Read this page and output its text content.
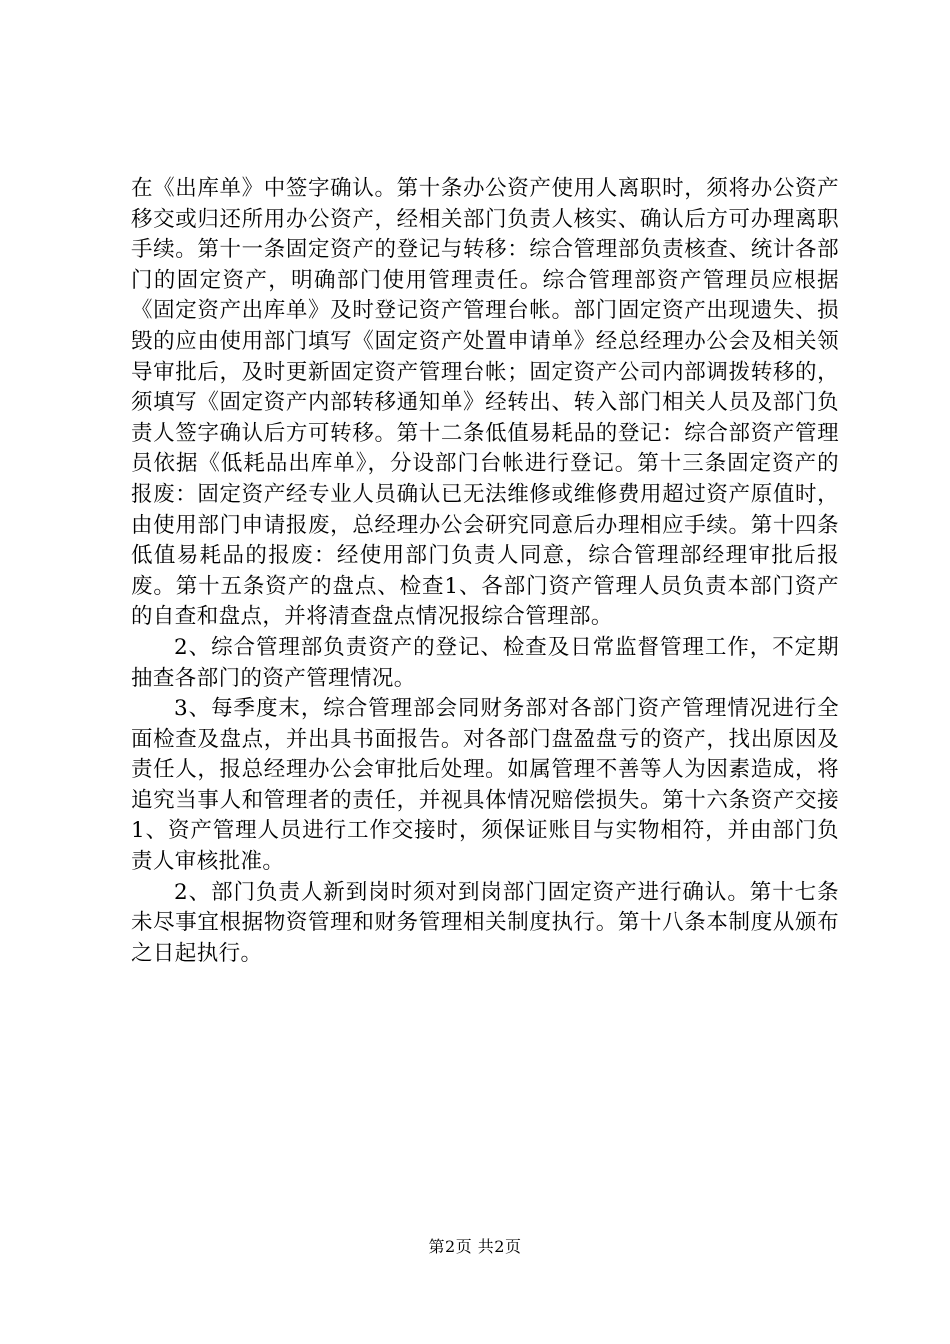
在《出库单》中签字确认。第十条办公资产使用人离职时，须将办公资产移交或归还所用办公资产，经相关部门负责人核实、确认后方可办理离职手续。第十一条固定资产的登记与转移：综合管理部负责核查、统计各部门的固定资产，明确部门使用管理责任。综合管理部资产管理员应根据《固定资产出库单》及时登记资产管理台帐。部门固定资产出现遗失、损毁的应由使用部门填写《固定资产处置申请单》经总经理办公会及相关领导审批后，及时更新固定资产管理台帐；固定资产公司内部调拨转移的，须填写《固定资产内部转移通知单》经转出、转入部门相关人员及部门负责人签字确认后方可转移。第十二条低值易耗品的登记：综合部资产管理员依据《低耗品出库单》，分设部门台帐进行登记。第十三条固定资产的报废：固定资产经专业人员确认已无法维修或维修费用超过资产原值时，由使用部门申请报废，总经理办公会研究同意后办理相应手续。第十四条低值易耗品的报废：经使用部门负责人同意，综合管理部经理审批后报废。第十五条资产的盘点、检查1、各部门资产管理人员负责本部门资产的自查和盘点，并将清查盘点情况报综合管理部。

2、综合管理部负责资产的登记、检查及日常监督管理工作，不定期抽查各部门的资产管理情况。

3、每季度末，综合管理部会同财务部对各部门资产管理情况进行全面检查及盘点，并出具书面报告。对各部门盘盈盘亏的资产，找出原因及责任人，报总经理办公会审批后处理。如属管理不善等人为因素造成，将追究当事人和管理者的责任，并视具体情况赔偿损失。第十六条资产交接1、资产管理人员进行工作交接时，须保证账目与实物相符，并由部门负责人审核批准。

2、部门负责人新到岗时须对到岗部门固定资产进行确认。第十七条未尽事宜根据物资管理和财务管理相关制度执行。第十八条本制度从颁布之日起执行。

第2页 共2页
